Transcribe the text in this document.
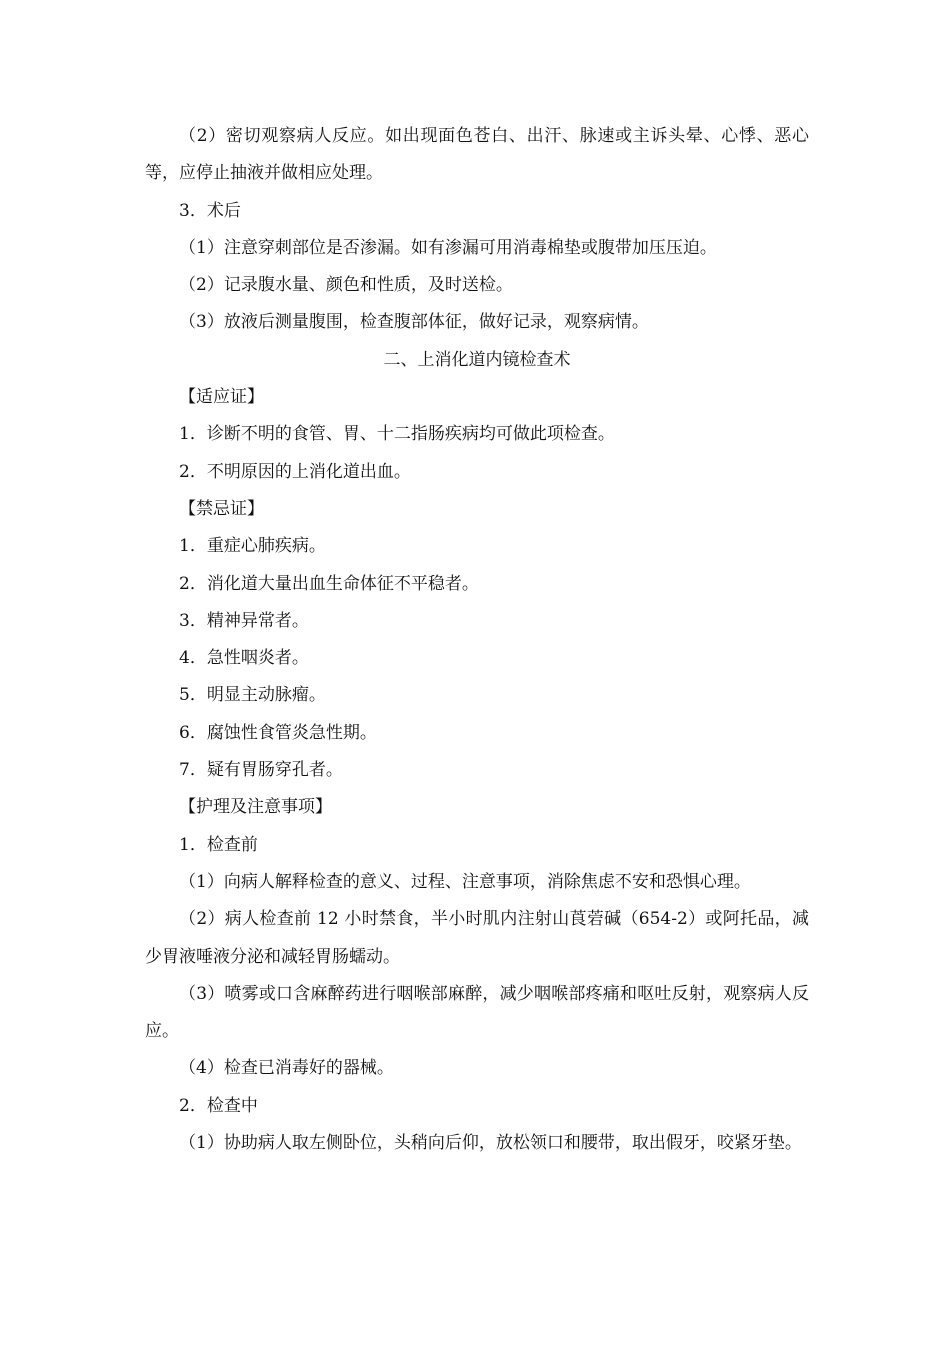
（2）密切观察病人反应。如出现面色苍白、出汗、脉速或主诉头晕、心悸、恶心等，应停止抽液并做相应处理。

3．术后

（1）注意穿刺部位是否渗漏。如有渗漏可用消毒棉垫或腹带加压压迫。

（2）记录腹水量、颜色和性质，及时送检。

（3）放液后测量腹围，检查腹部体征，做好记录，观察病情。

二、上消化道内镜检查术

【适应证】

1．诊断不明的食管、胃、十二指肠疾病均可做此项检查。

2．不明原因的上消化道出血。

【禁忌证】

1．重症心肺疾病。

2．消化道大量出血生命体征不平稳者。

3．精神异常者。

4．急性咽炎者。

5．明显主动脉瘤。

6．腐蚀性食管炎急性期。

7．疑有胃肠穿孔者。

【护理及注意事项】

1．检查前

（1）向病人解释检查的意义、过程、注意事项，消除焦虑不安和恐惧心理。

（2）病人检查前 12 小时禁食，半小时肌内注射山莨菪碱（654-2）或阿托品，减少胃液唾液分泌和减轻胃肠蠕动。

（3）喷雾或口含麻醉药进行咽喉部麻醉，减少咽喉部疼痛和呕吐反射，观察病人反应。

（4）检查已消毒好的器械。

2．检查中

（1）协助病人取左侧卧位，头稍向后仰，放松领口和腰带，取出假牙，咬紧牙垫。
